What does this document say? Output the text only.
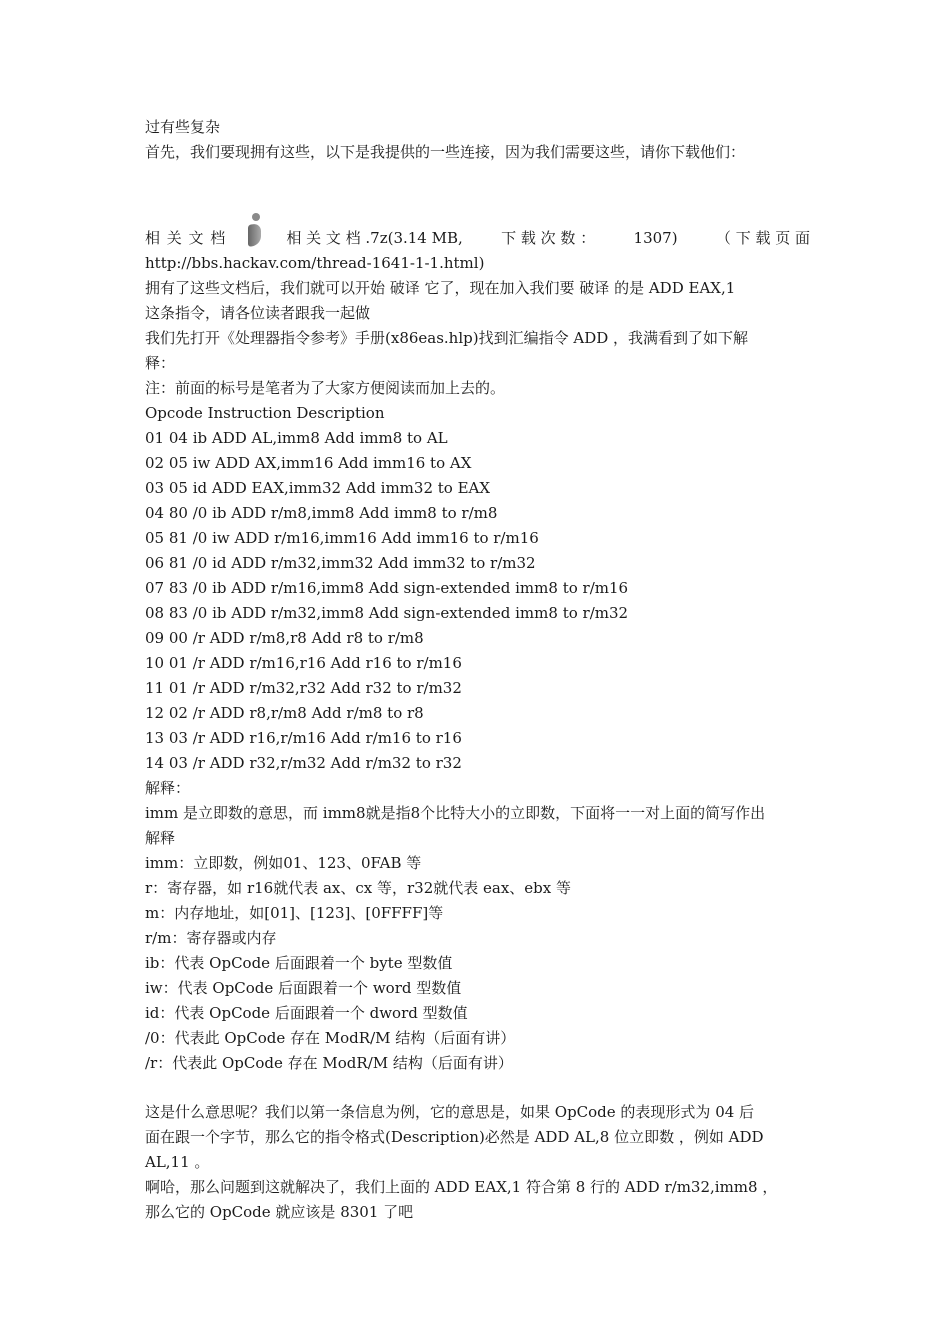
过有些复杂
首先，我们要现拥有这些，以下是我提供的一些连接，因为我们需要这些，请你下载他们：
相 关 文 档	相 关 文 档 .7z(3.14 MB,	下 载 次 数 ：	1307)	（ 下 载 页 面
http://bbs.hackav.com/thread-1641-1-1.html)
拥有了这些文档后，我们就可以开始 破译 它了，现在加入我们要 破译 的是 ADD EAX,1
这条指令，请各位读者跟我一起做
我们先打开《处理器指令参考》手册(x86eas.hlp)找到汇编指令 ADD ，我满看到了如下解
释：
注：前面的标号是笔者为了大家方便阅读而加上去的。
Opcode Instruction Description
01 04 ib ADD AL,imm8 Add imm8 to AL
02 05 iw ADD AX,imm16 Add imm16 to AX
03 05 id ADD EAX,imm32 Add imm32 to EAX
04 80 /0 ib ADD r/m8,imm8 Add imm8 to r/m8
05 81 /0 iw ADD r/m16,imm16 Add imm16 to r/m16
06 81 /0 id ADD r/m32,imm32 Add imm32 to r/m32
07 83 /0 ib ADD r/m16,imm8 Add sign-extended imm8 to r/m16
08 83 /0 ib ADD r/m32,imm8 Add sign-extended imm8 to r/m32
09 00 /r ADD r/m8,r8 Add r8 to r/m8
10 01 /r ADD r/m16,r16 Add r16 to r/m16
11 01 /r ADD r/m32,r32 Add r32 to r/m32
12 02 /r ADD r8,r/m8 Add r/m8 to r8
13 03 /r ADD r16,r/m16 Add r/m16 to r16
14 03 /r ADD r32,r/m32 Add r/m32 to r32
解释：
imm 是立即数的意思，而 imm8就是指8个比特大小的立即数，下面将一一对上面的简写作出
解释
imm：立即数，例如01、123、0FAB 等
r：寄存器，如 r16就代表 ax、cx 等，r32就代表 eax、ebx 等
m：内存地址，如[01]、[123]、[0FFFF]等
r/m：寄存器或内存
ib：代表 OpCode 后面跟着一个 byte 型数值
iw：代表 OpCode 后面跟着一个 word 型数值
id：代表 OpCode 后面跟着一个 dword 型数值
/0：代表此 OpCode 存在 ModR/M 结构（后面有讲）
/r：代表此 OpCode 存在 ModR/M 结构（后面有讲）
这是什么意思呢？我们以第一条信息为例，它的意思是，如果 OpCode 的表现形式为 04 后
面在跟一个字节，那么它的指令格式(Description)必然是 ADD AL,8 位立即数 ，例如 ADD
AL,11 。
啊哈，那么问题到这就解决了，我们上面的 ADD EAX,1 符合第 8 行的 ADD r/m32,imm8 ，
那么它的 OpCode 就应该是 8301 了吧
